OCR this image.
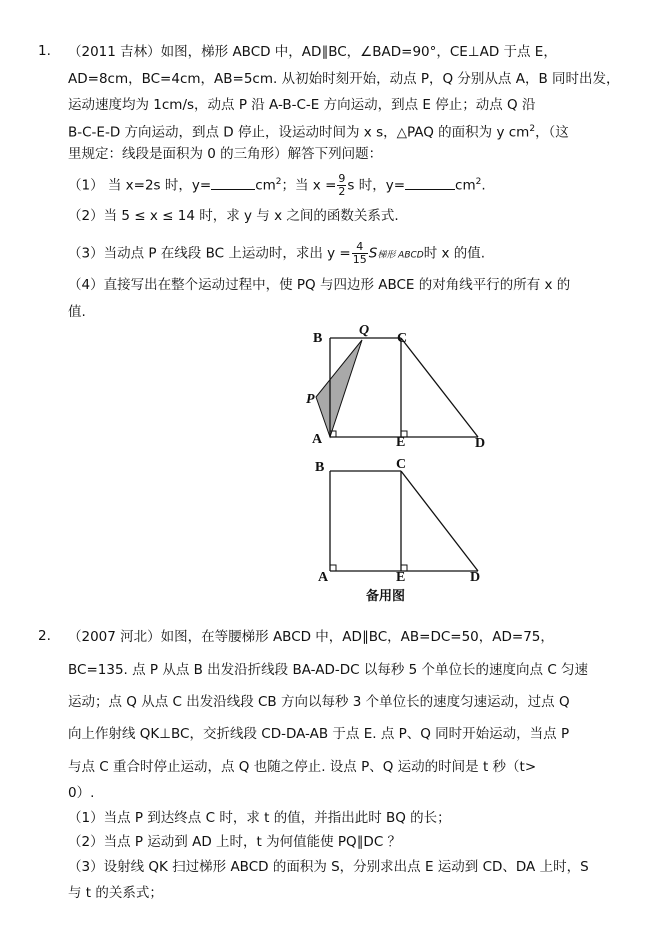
1. （2011 吉林）如图，梯形 ABCD 中，AD∥BC，∠BAD=90°，CE⊥AD 于点 E，
AD=8cm，BC=4cm，AB=5cm. 从初始时刻开始，动点 P，Q 分别从点 A，B 同时出发，
运动速度均为 1cm/s，动点 P 沿 A-B-C-E 方向运动，到点 E 停止；动点 Q 沿
B-C-E-D 方向运动，到点 D 停止，设运动时间为 x s，△PAQ 的面积为 y $cm^2$，（这
里规定：线段是面积为 0 的三角形）解答下列问题：
（1） 当 x=2s 时，y=	$cm^2$；当 $x = \frac{9}{2}$ s 时，y=	$cm^2$.
（2）当 5 ≤ x ≤ 14 时，求 y 与 x 之间的函数关系式.
（3）当动点 P 在线段 BC 上运动时，求出 $y = \frac{4}{15}$ S梯形 ABCD时 x 的值.
（4）直接写出在整个运动过程中，使 PQ 与四边形 ABCE 的对角线平行的所有 x 的
值.
B
Q
C
P
A	E	D
B	C
A	E	D
备用图
2. （2007 河北）如图，在等腰梯形 ABCD 中，AD∥BC，AB=DC=50，AD=75，
BC=135. 点 P 从点 B 出发沿折线段 BA-AD-DC 以每秒 5 个单位长的速度向点 C 匀速
运动；点 Q 从点 C 出发沿线段 CB 方向以每秒 3 个单位长的速度匀速运动，过点 Q
向上作射线 QK⊥BC，交折线段 CD-DA-AB 于点 E. 点 P、Q 同时开始运动，当点 P
与点 C 重合时停止运动，点 Q 也随之停止. 设点 P、Q 运动的时间是 t 秒（t>
0）.
（1）当点 P 到达终点 C 时，求 t 的值，并指出此时 BQ 的长；
（2）当点 P 运动到 AD 上时，t 为何值能使 PQ∥DC ？
（3）设射线 QK 扫过梯形 ABCD 的面积为 S，分别求出点 E 运动到 CD、DA 上时，S
与 t 的关系式；
